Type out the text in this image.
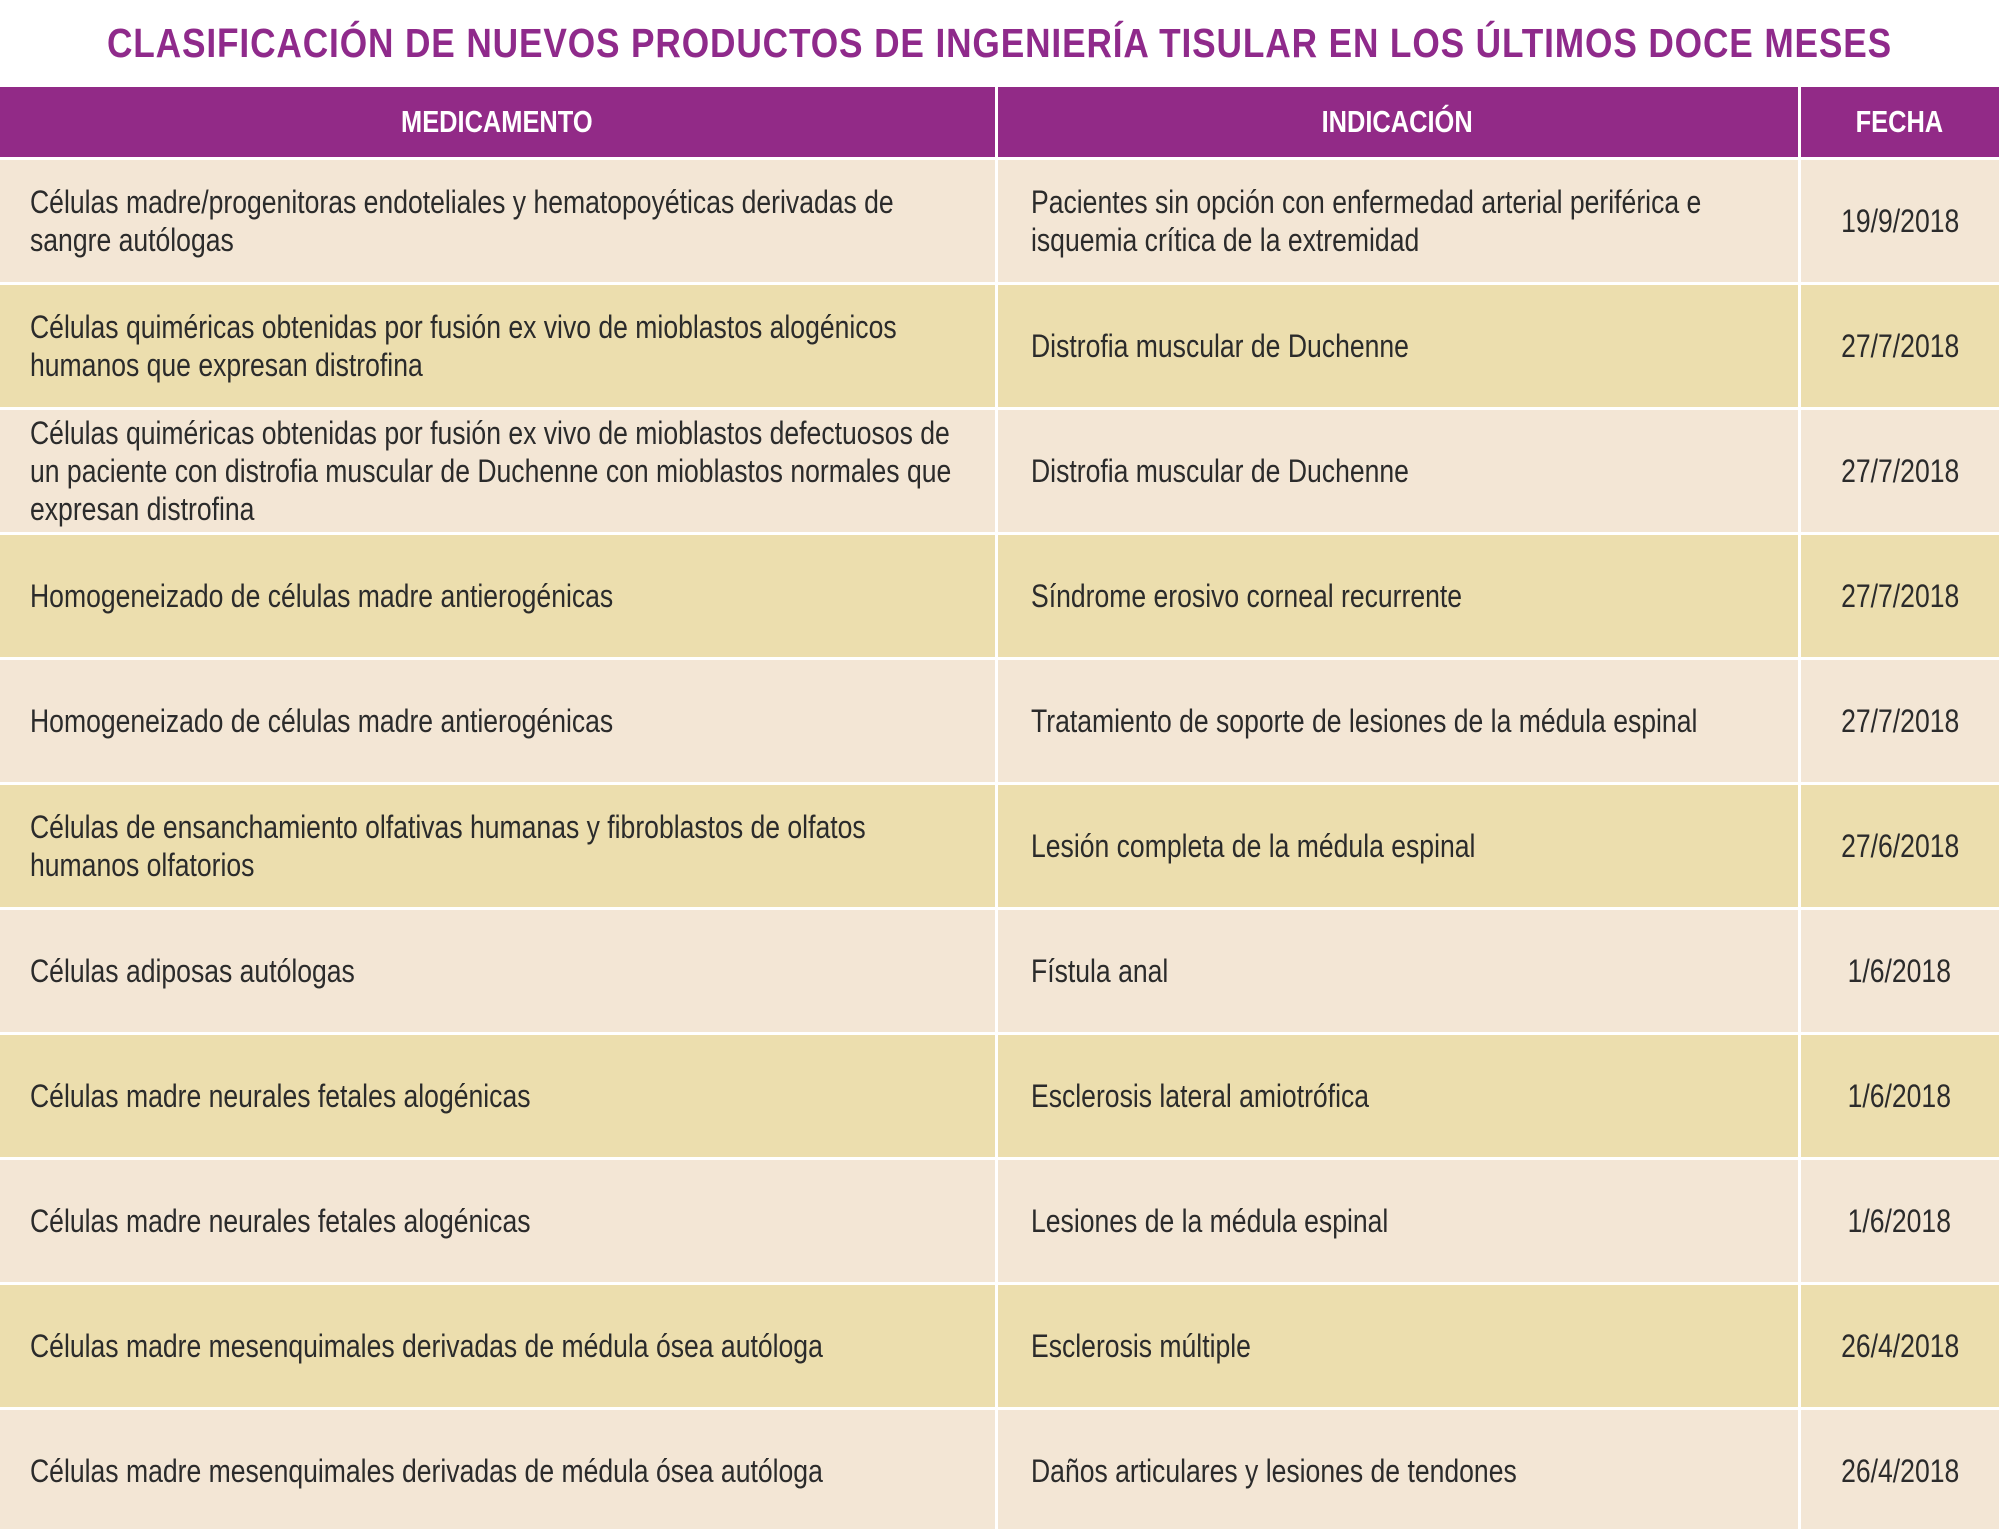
CLASIFICACIÓN DE NUEVOS PRODUCTOS DE INGENIERÍA TISULAR EN LOS ÚLTIMOS DOCE MESES
MEDICAMENTO	INDICACIÓN	FECHA
Células madre/progenitoras endoteliales y hematopoyéticas derivadas de sangre autólogas	Pacientes sin opción con enfermedad arterial periférica e isquemia crítica de la extremidad	19/9/2018
Células quiméricas obtenidas por fusión ex vivo de mioblastos alogénicos humanos que expresan distrofina	Distrofia muscular de Duchenne	27/7/2018
Células quiméricas obtenidas por fusión ex vivo de mioblastos defectuosos de un paciente con distrofia muscular de Duchenne con mioblastos normales que expresan distrofina	Distrofia muscular de Duchenne	27/7/2018
Homogeneizado de células madre antierogénicas	Síndrome erosivo corneal recurrente	27/7/2018
Homogeneizado de células madre antierogénicas	Tratamiento de soporte de lesiones de la médula espinal	27/7/2018
Células de ensanchamiento olfativas humanas y fibroblastos de olfatos humanos olfatorios	Lesión completa de la médula espinal	27/6/2018
Células adiposas autólogas	Fístula anal	1/6/2018
Células madre neurales fetales alogénicas	Esclerosis lateral amiotrófica	1/6/2018
Células madre neurales fetales alogénicas	Lesiones de la médula espinal	1/6/2018
Células madre mesenquimales derivadas de médula ósea autóloga	Esclerosis múltiple	26/4/2018
Células madre mesenquimales derivadas de médula ósea autóloga	Daños articulares y lesiones de tendones	26/4/2018
